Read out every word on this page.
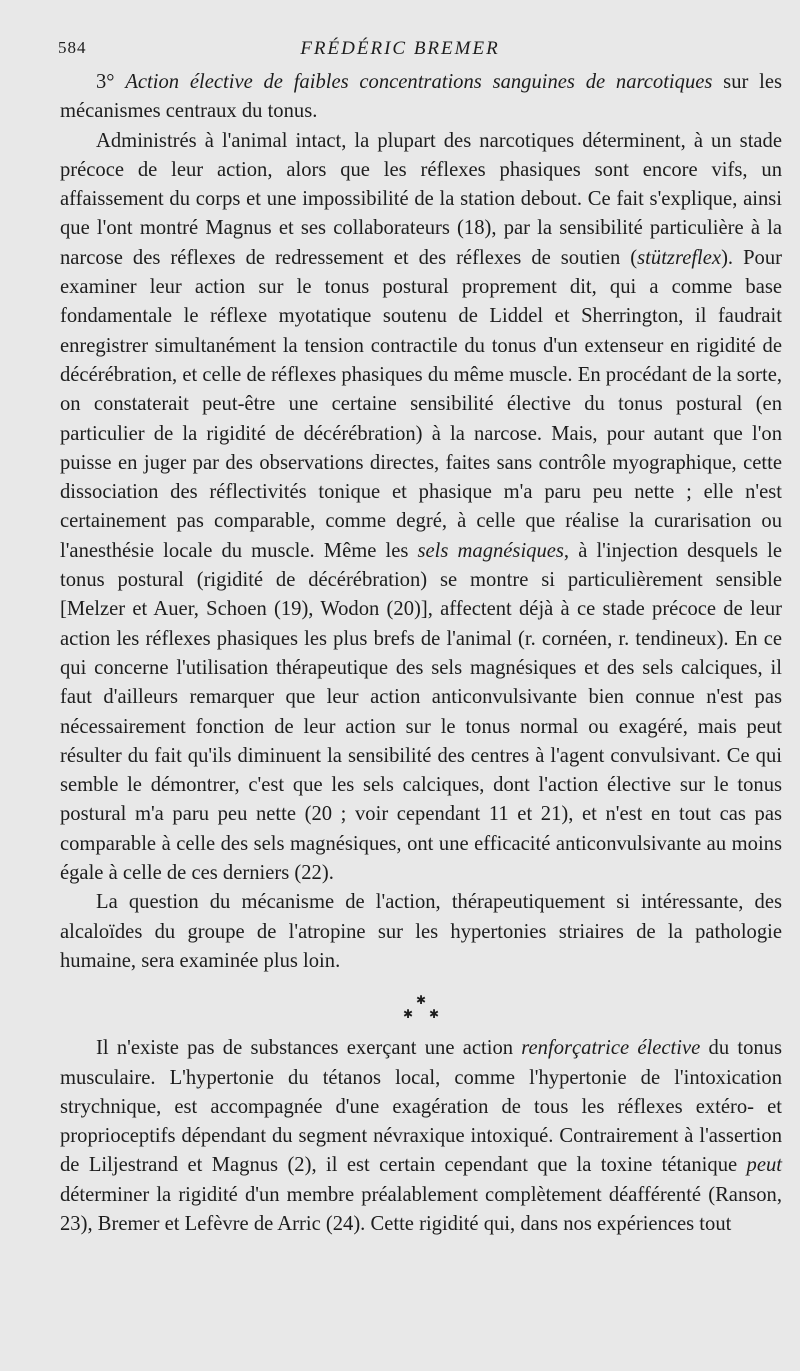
584	FRÉDÉRIC BREMER

3° Action élective de faibles concentrations sanguines de narcotiques sur les mécanismes centraux du tonus.

Administrés à l'animal intact, la plupart des narcotiques déterminent, à un stade précoce de leur action, alors que les réflexes phasiques sont encore vifs, un affaissement du corps et une impossibilité de la station debout. Ce fait s'explique, ainsi que l'ont montré Magnus et ses collaborateurs (18), par la sensibilité particulière à la narcose des réflexes de redressement et des réflexes de soutien (stützreflex). Pour examiner leur action sur le tonus postural proprement dit, qui a comme base fondamentale le réflexe myotatique soutenu de Liddel et Sherrington, il faudrait enregistrer simultanément la tension contractile du tonus d'un extenseur en rigidité de décérébration, et celle de réflexes phasiques du même muscle. En procédant de la sorte, on constaterait peut-être une certaine sensibilité élective du tonus postural (en particulier de la rigidité de décérébration) à la narcose. Mais, pour autant que l'on puisse en juger par des observations directes, faites sans contrôle myographique, cette dissociation des réflectivités tonique et phasique m'a paru peu nette ; elle n'est certainement pas comparable, comme degré, à celle que réalise la curarisation ou l'anesthésie locale du muscle. Même les sels magnésiques, à l'injection desquels le tonus postural (rigidité de décérébration) se montre si particulièrement sensible [Melzer et Auer, Schoen (19), Wodon (20)], affectent déjà à ce stade précoce de leur action les réflexes phasiques les plus brefs de l'animal (r. cornéen, r. tendineux). En ce qui concerne l'utilisation thérapeutique des sels magnésiques et des sels calciques, il faut d'ailleurs remarquer que leur action anticonvulsivante bien connue n'est pas nécessairement fonction de leur action sur le tonus normal ou exagéré, mais peut résulter du fait qu'ils diminuent la sensibilité des centres à l'agent convulsivant. Ce qui semble le démontrer, c'est que les sels calciques, dont l'action élective sur le tonus postural m'a paru peu nette (20 ; voir cependant 11 et 21), et n'est en tout cas pas comparable à celle des sels magnésiques, ont une efficacité anticonvulsivante au moins égale à celle de ces derniers (22).

La question du mécanisme de l'action, thérapeutiquement si intéressante, des alcaloïdes du groupe de l'atropine sur les hypertonies striaires de la pathologie humaine, sera examinée plus loin.

✱
✱ ✱

Il n'existe pas de substances exerçant une action renforçatrice élective du tonus musculaire. L'hypertonie du tétanos local, comme l'hypertonie de l'intoxication strychnique, est accompagnée d'une exagération de tous les réflexes extéro- et proprioceptifs dépendant du segment névraxique intoxiqué. Contrairement à l'assertion de Liljestrand et Magnus (2), il est certain cependant que la toxine tétanique peut déterminer la rigidité d'un membre préalablement complètement déafférenté (Ranson, 23), Bremer et Lefèvre de Arric (24). Cette rigidité qui, dans nos expériences tout
